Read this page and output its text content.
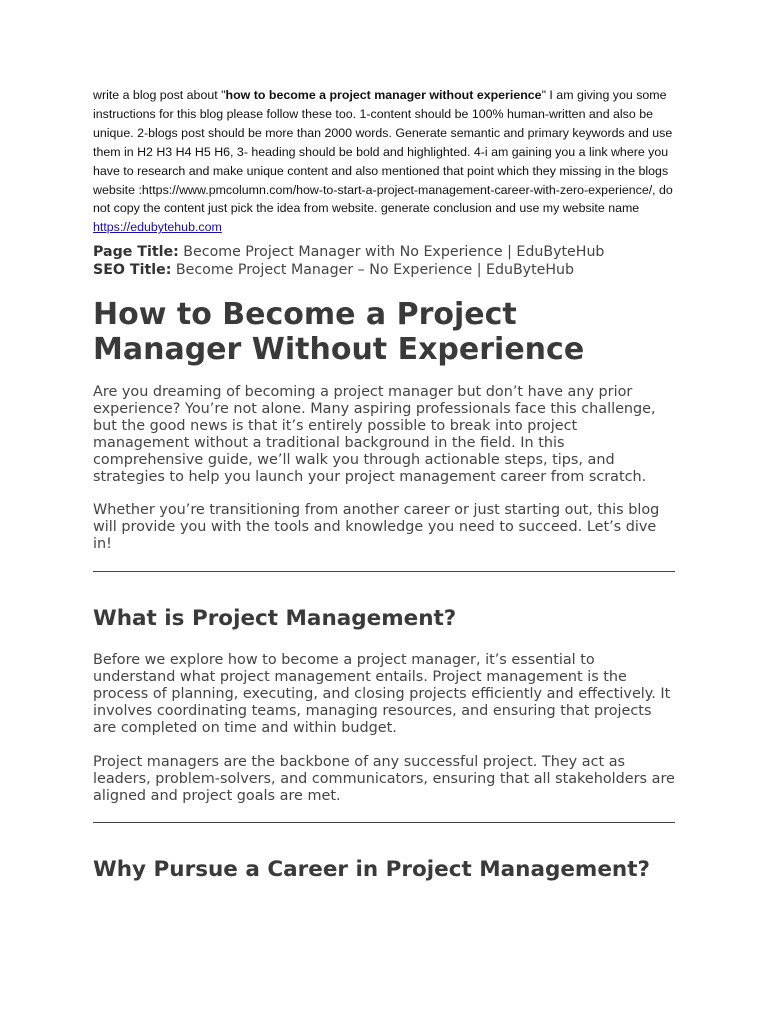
write a blog post about "how to become a project manager without experience" I am giving you some instructions for this blog please follow these too. 1-content should be 100% human-written and also be unique. 2-blogs post should be more than 2000 words. Generate semantic and primary keywords and use them in H2 H3 H4 H5 H6, 3- heading should be bold and highlighted. 4-i am gaining you a link where you have to research and make unique content and also mentioned that point which they missing in the blogs website :https://www.pmcolumn.com/how-to-start-a-project-management-career-with-zero-experience/, do not copy the content just pick the idea from website. generate conclusion and use my website name https://edubytehub.com

Page Title: Become Project Manager with No Experience | EduByteHub
SEO Title: Become Project Manager – No Experience | EduByteHub
How to Become a Project Manager Without Experience

Are you dreaming of becoming a project manager but don’t have any prior experience? You’re not alone. Many aspiring professionals face this challenge, but the good news is that it’s entirely possible to break into project management without a traditional background in the field. In this comprehensive guide, we’ll walk you through actionable steps, tips, and strategies to help you launch your project management career from scratch.

Whether you’re transitioning from another career or just starting out, this blog will provide you with the tools and knowledge you need to succeed. Let’s dive in!

What is Project Management?

Before we explore how to become a project manager, it’s essential to understand what project management entails. Project management is the process of planning, executing, and closing projects efficiently and effectively. It involves coordinating teams, managing resources, and ensuring that projects are completed on time and within budget.

Project managers are the backbone of any successful project. They act as leaders, problem-solvers, and communicators, ensuring that all stakeholders are aligned and project goals are met.

Why Pursue a Career in Project Management?
